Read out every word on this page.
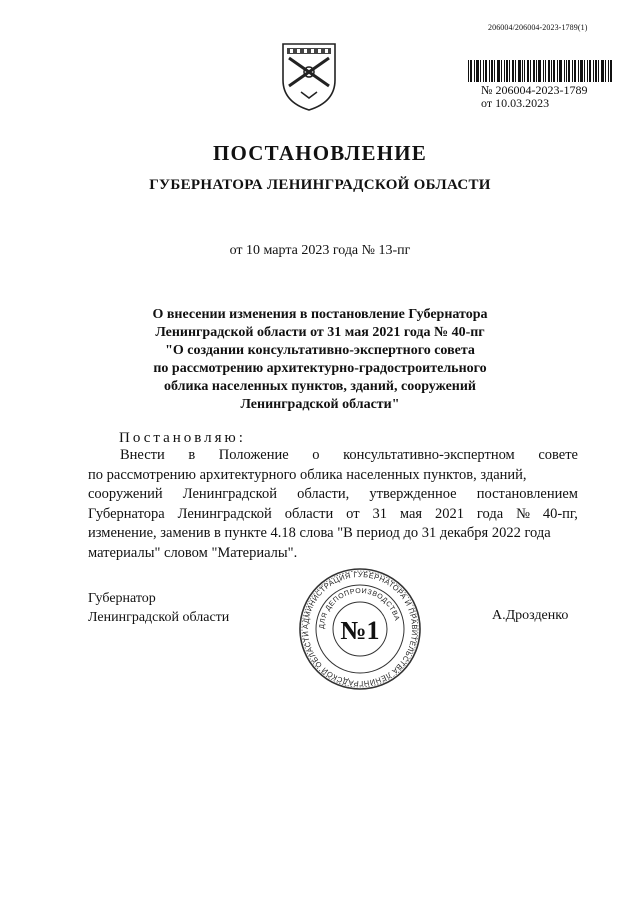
206004/206004-2023-1789(1)
№ 206004-2023-1789
от 10.03.2023
ПОСТАНОВЛЕНИЕ
ГУБЕРНАТОРА ЛЕНИНГРАДСКОЙ ОБЛАСТИ
от 10 марта 2023 года № 13-пг
О внесении изменения в постановление Губернатора
Ленинградской области от 31 мая 2021 года № 40-пг
"О создании консультативно-экспертного совета
по рассмотрению архитектурно-градостроительного
облика населенных пунктов, зданий, сооружений
Ленинградской области"
Постановляю:
Внести в Положение о консультативно-экспертном совете
по рассмотрению архитектурного облика населенных пунктов, зданий,
сооружений Ленинградской области, утвержденное постановлением
Губернатора Ленинградской области от 31 мая 2021 года № 40-пг,
изменение, заменив в пункте 4.18 слова "В период до 31 декабря 2022 года
материалы" словом "Материалы".
Губернатор
Ленинградской области
АДМИНИСТРАЦИЯ ГУБЕРНАТОРА И ПРАВИТЕЛЬСТВА ЛЕНИНГРАДСКОЙ ОБЛАСТИ
ДЛЯ ДЕПОПРОИЗВОДСТВА
№1
А.Дрозденко
